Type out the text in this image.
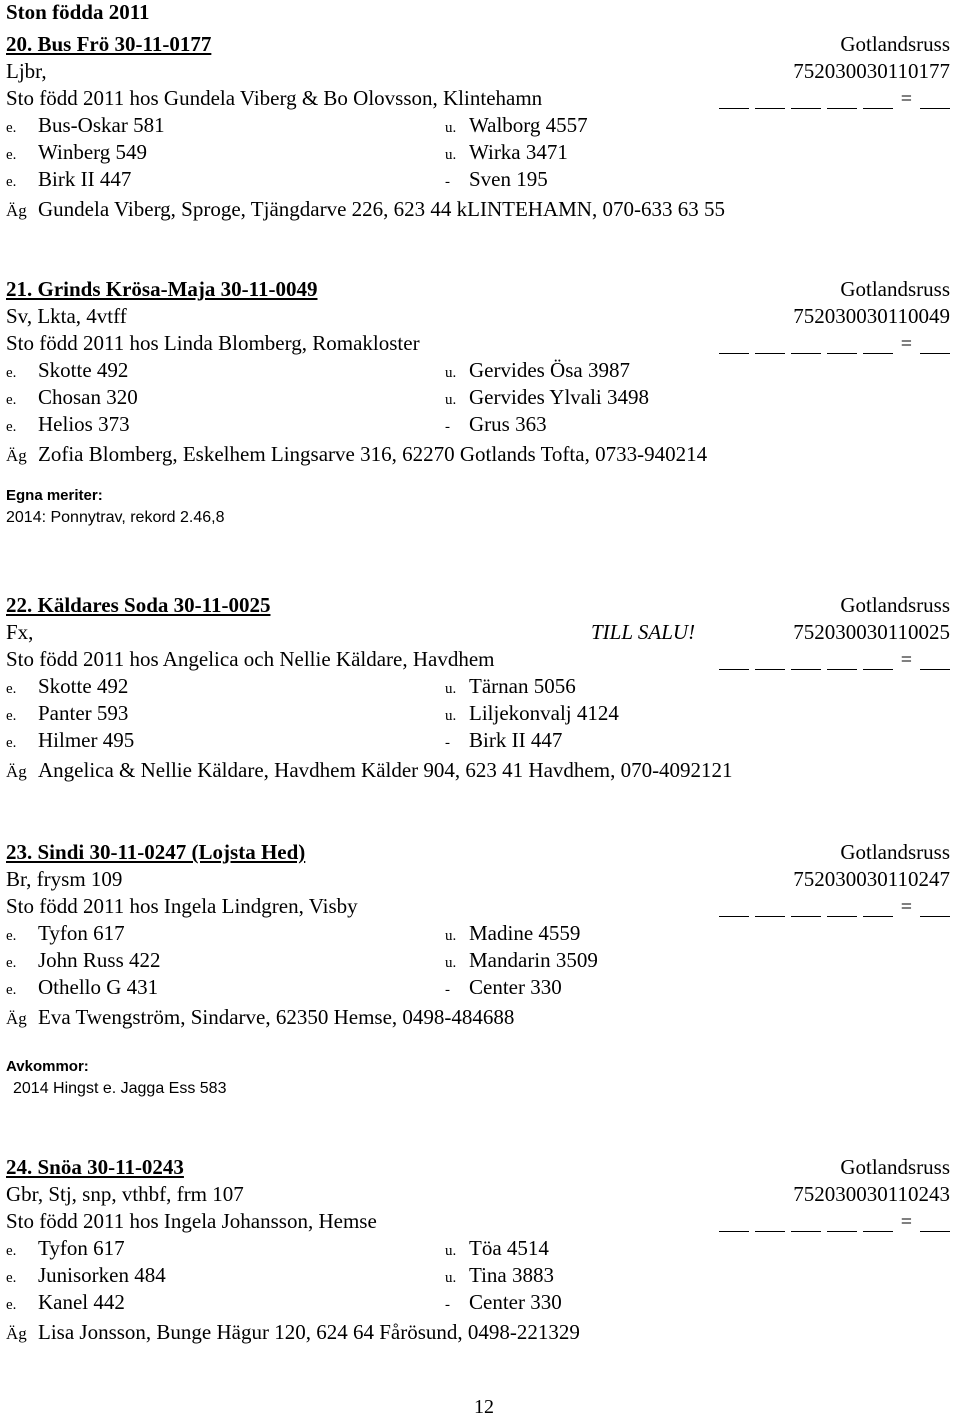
Ston födda 2011
20. Bus Frö 30-11-0177	Gotlandsruss
Ljbr,	752030030110177
Sto född 2011 hos Gundela Viberg & Bo Olovsson, Klintehamn	=
e. Bus-Oskar 581	u. Walborg 4557
e. Winberg 549	u. Wirka 3471
e. Birk II 447	- Sven 195
Äg Gundela Viberg, Sproge, Tjängdarve 226, 623 44 kLINTEHAMN, 070-633 63 55
21. Grinds Krösa-Maja 30-11-0049	Gotlandsruss
Sv, Lkta, 4vtff	752030030110049
Sto född 2011 hos Linda Blomberg, Romakloster	=
e. Skotte 492	u. Gervides Ösa 3987
e. Chosan 320	u. Gervides Ylvali 3498
e. Helios 373	- Grus 363
Äg Zofia Blomberg, Eskelhem Lingsarve 316, 62270 Gotlands Tofta, 0733-940214
Egna meriter:
2014: Ponnytrav, rekord 2.46,8
22. Käldares Soda 30-11-0025	Gotlandsruss
Fx,	TILL SALU!	752030030110025
Sto född 2011 hos Angelica och Nellie Käldare, Havdhem	=
e. Skotte 492	u. Tärnan 5056
e. Panter 593	u. Liljekonvalj 4124
e. Hilmer 495	- Birk II 447
Äg Angelica & Nellie Käldare, Havdhem Kälder 904, 623 41 Havdhem, 070-4092121
23. Sindi 30-11-0247 (Lojsta Hed)	Gotlandsruss
Br, frysm 109	752030030110247
Sto född 2011 hos Ingela Lindgren, Visby	=
e. Tyfon 617	u. Madine 4559
e. John Russ 422	u. Mandarin 3509
e. Othello G 431	- Center 330
Äg Eva Twengström, Sindarve, 62350 Hemse, 0498-484688
Avkommor:
2014 Hingst e. Jagga Ess 583
24. Snöa 30-11-0243	Gotlandsruss
Gbr, Stj, snp, vthbf, frm 107	752030030110243
Sto född 2011 hos Ingela Johansson, Hemse	=
e. Tyfon 617	u. Töa 4514
e. Junisorken 484	u. Tina 3883
e. Kanel 442	- Center 330
Äg Lisa Jonsson, Bunge Hägur 120, 624 64 Fårösund, 0498-221329
12
